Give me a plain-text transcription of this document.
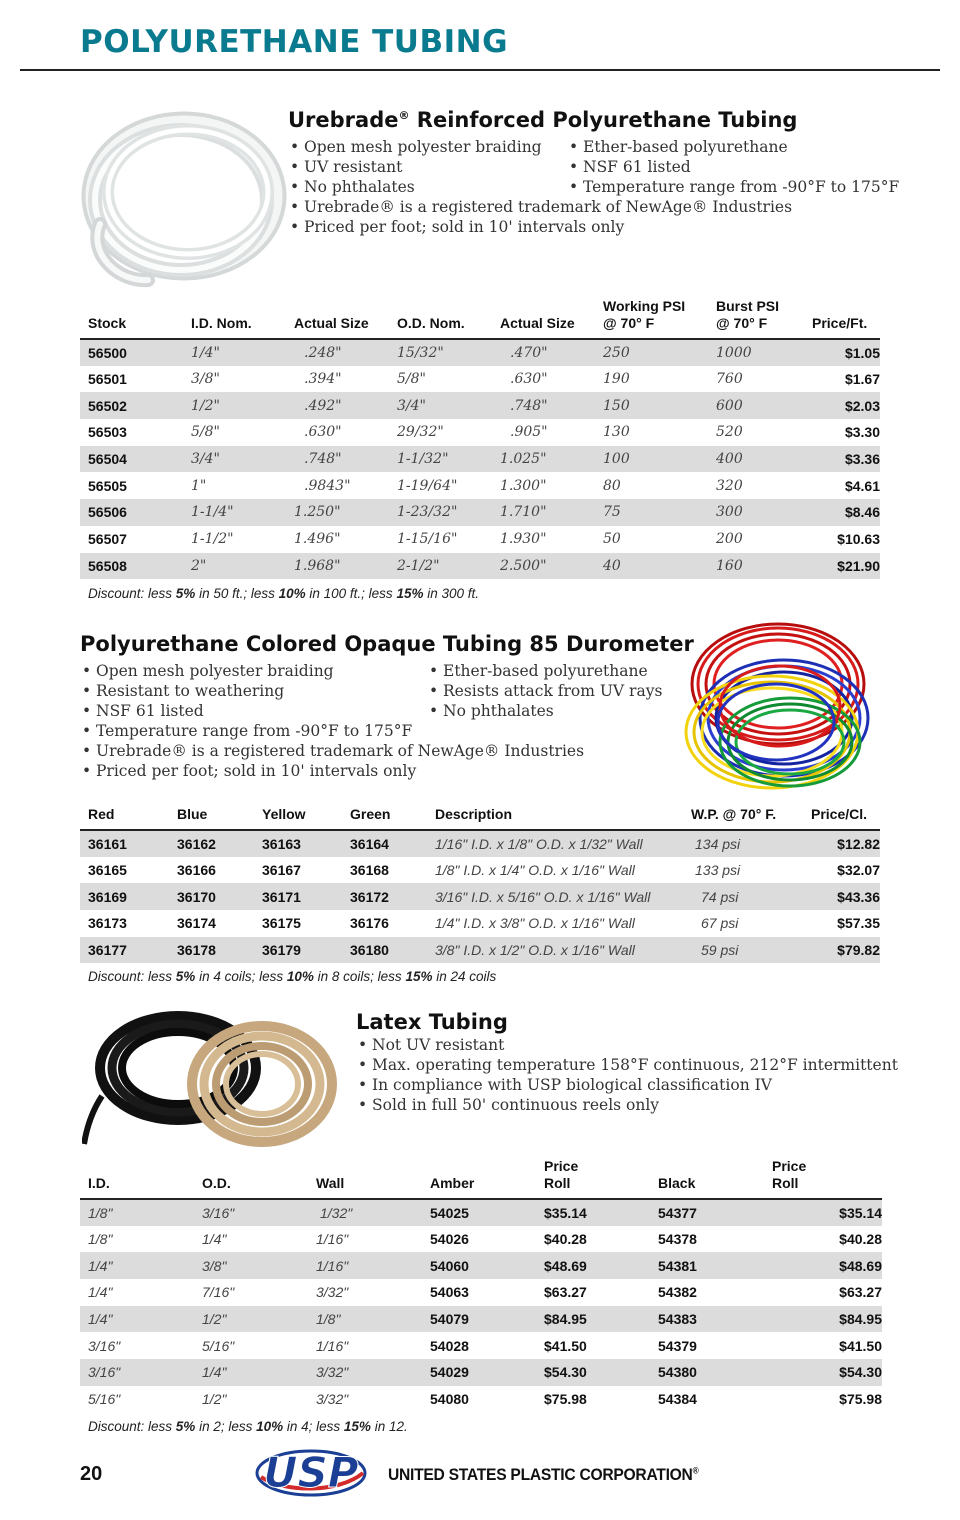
POLYURETHANE TUBING
Urebrade® Reinforced Polyurethane Tubing
• Open mesh polyester braiding
• UV resistant
• No phthalates
• Ether-based polyurethane
• NSF 61 listed
• Temperature range from -90°F to 175°F
• Urebrade® is a registered trademark of NewAge® Industries
• Priced per foot; sold in 10' intervals only
Stock	I.D. Nom.	Actual Size	O.D. Nom.	Actual Size	Working PSI
@ 70° F	Burst PSI
@ 70° F	Price/Ft.
56500	1/4"	.248"	15/32"	.470"	250	1000	$1.05
56501	3/8"	.394"	5/8"	.630"	190	760	$1.67
56502	1/2"	.492"	3/4"	.748"	150	600	$2.03
56503	5/8"	.630"	29/32"	.905"	130	520	$3.30
56504	3/4"	.748"	1-1/32"	1.025"	100	400	$3.36
56505	1"	.9843"	1-19/64"	1.300"	80	320	$4.61
56506	1-1/4"	1.250"	1-23/32"	1.710"	75	300	$8.46
56507	1-1/2"	1.496"	1-15/16"	1.930"	50	200	$10.63
56508	2"	1.968"	2-1/2"	2.500"	40	160	$21.90
Discount: less 5% in 50 ft.; less 10% in 100 ft.; less 15% in 300 ft.
Polyurethane Colored Opaque Tubing 85 Durometer
• Open mesh polyester braiding
• Resistant to weathering
• NSF 61 listed
• Ether-based polyurethane
• Resists attack from UV rays
• No phthalates
• Temperature range from -90°F to 175°F
• Urebrade® is a registered trademark of NewAge® Industries
• Priced per foot; sold in 10' intervals only
Red	Blue	Yellow	Green	Description	W.P. @ 70° F.	Price/Cl.
36161	36162	36163	36164	1/16" I.D. x 1/8" O.D. x 1/32" Wall	134 psi	$12.82
36165	36166	36167	36168	1/8" I.D. x 1/4" O.D. x 1/16" Wall	133 psi	$32.07
36169	36170	36171	36172	3/16" I.D. x 5/16" O.D. x 1/16" Wall	74 psi	$43.36
36173	36174	36175	36176	1/4" I.D. x 3/8" O.D. x 1/16" Wall	67 psi	$57.35
36177	36178	36179	36180	3/8" I.D. x 1/2" O.D. x 1/16" Wall	59 psi	$79.82
Discount: less 5% in 4 coils; less 10% in 8 coils; less 15% in 24 coils
Latex Tubing
• Not UV resistant
• Max. operating temperature 158°F continuous, 212°F intermittent
• In compliance with USP biological classification IV
• Sold in full 50' continuous reels only
I.D.	O.D.	Wall	Amber	Price
Roll	Black	Price
Roll
1/8"	3/16"	1/32"	54025	$35.14	54377	$35.14
1/8"	1/4"	1/16"	54026	$40.28	54378	$40.28
1/4"	3/8"	1/16"	54060	$48.69	54381	$48.69
1/4"	7/16"	3/32"	54063	$63.27	54382	$63.27
1/4"	1/2"	1/8"	54079	$84.95	54383	$84.95
3/16"	5/16"	1/16"	54028	$41.50	54379	$41.50
3/16"	1/4"	3/32"	54029	$54.30	54380	$54.30
5/16"	1/2"	3/32"	54080	$75.98	54384	$75.98
Discount: less 5% in 2; less 10% in 4; less 15% in 12.
20	USP UNITED STATES PLASTIC CORPORATION®
